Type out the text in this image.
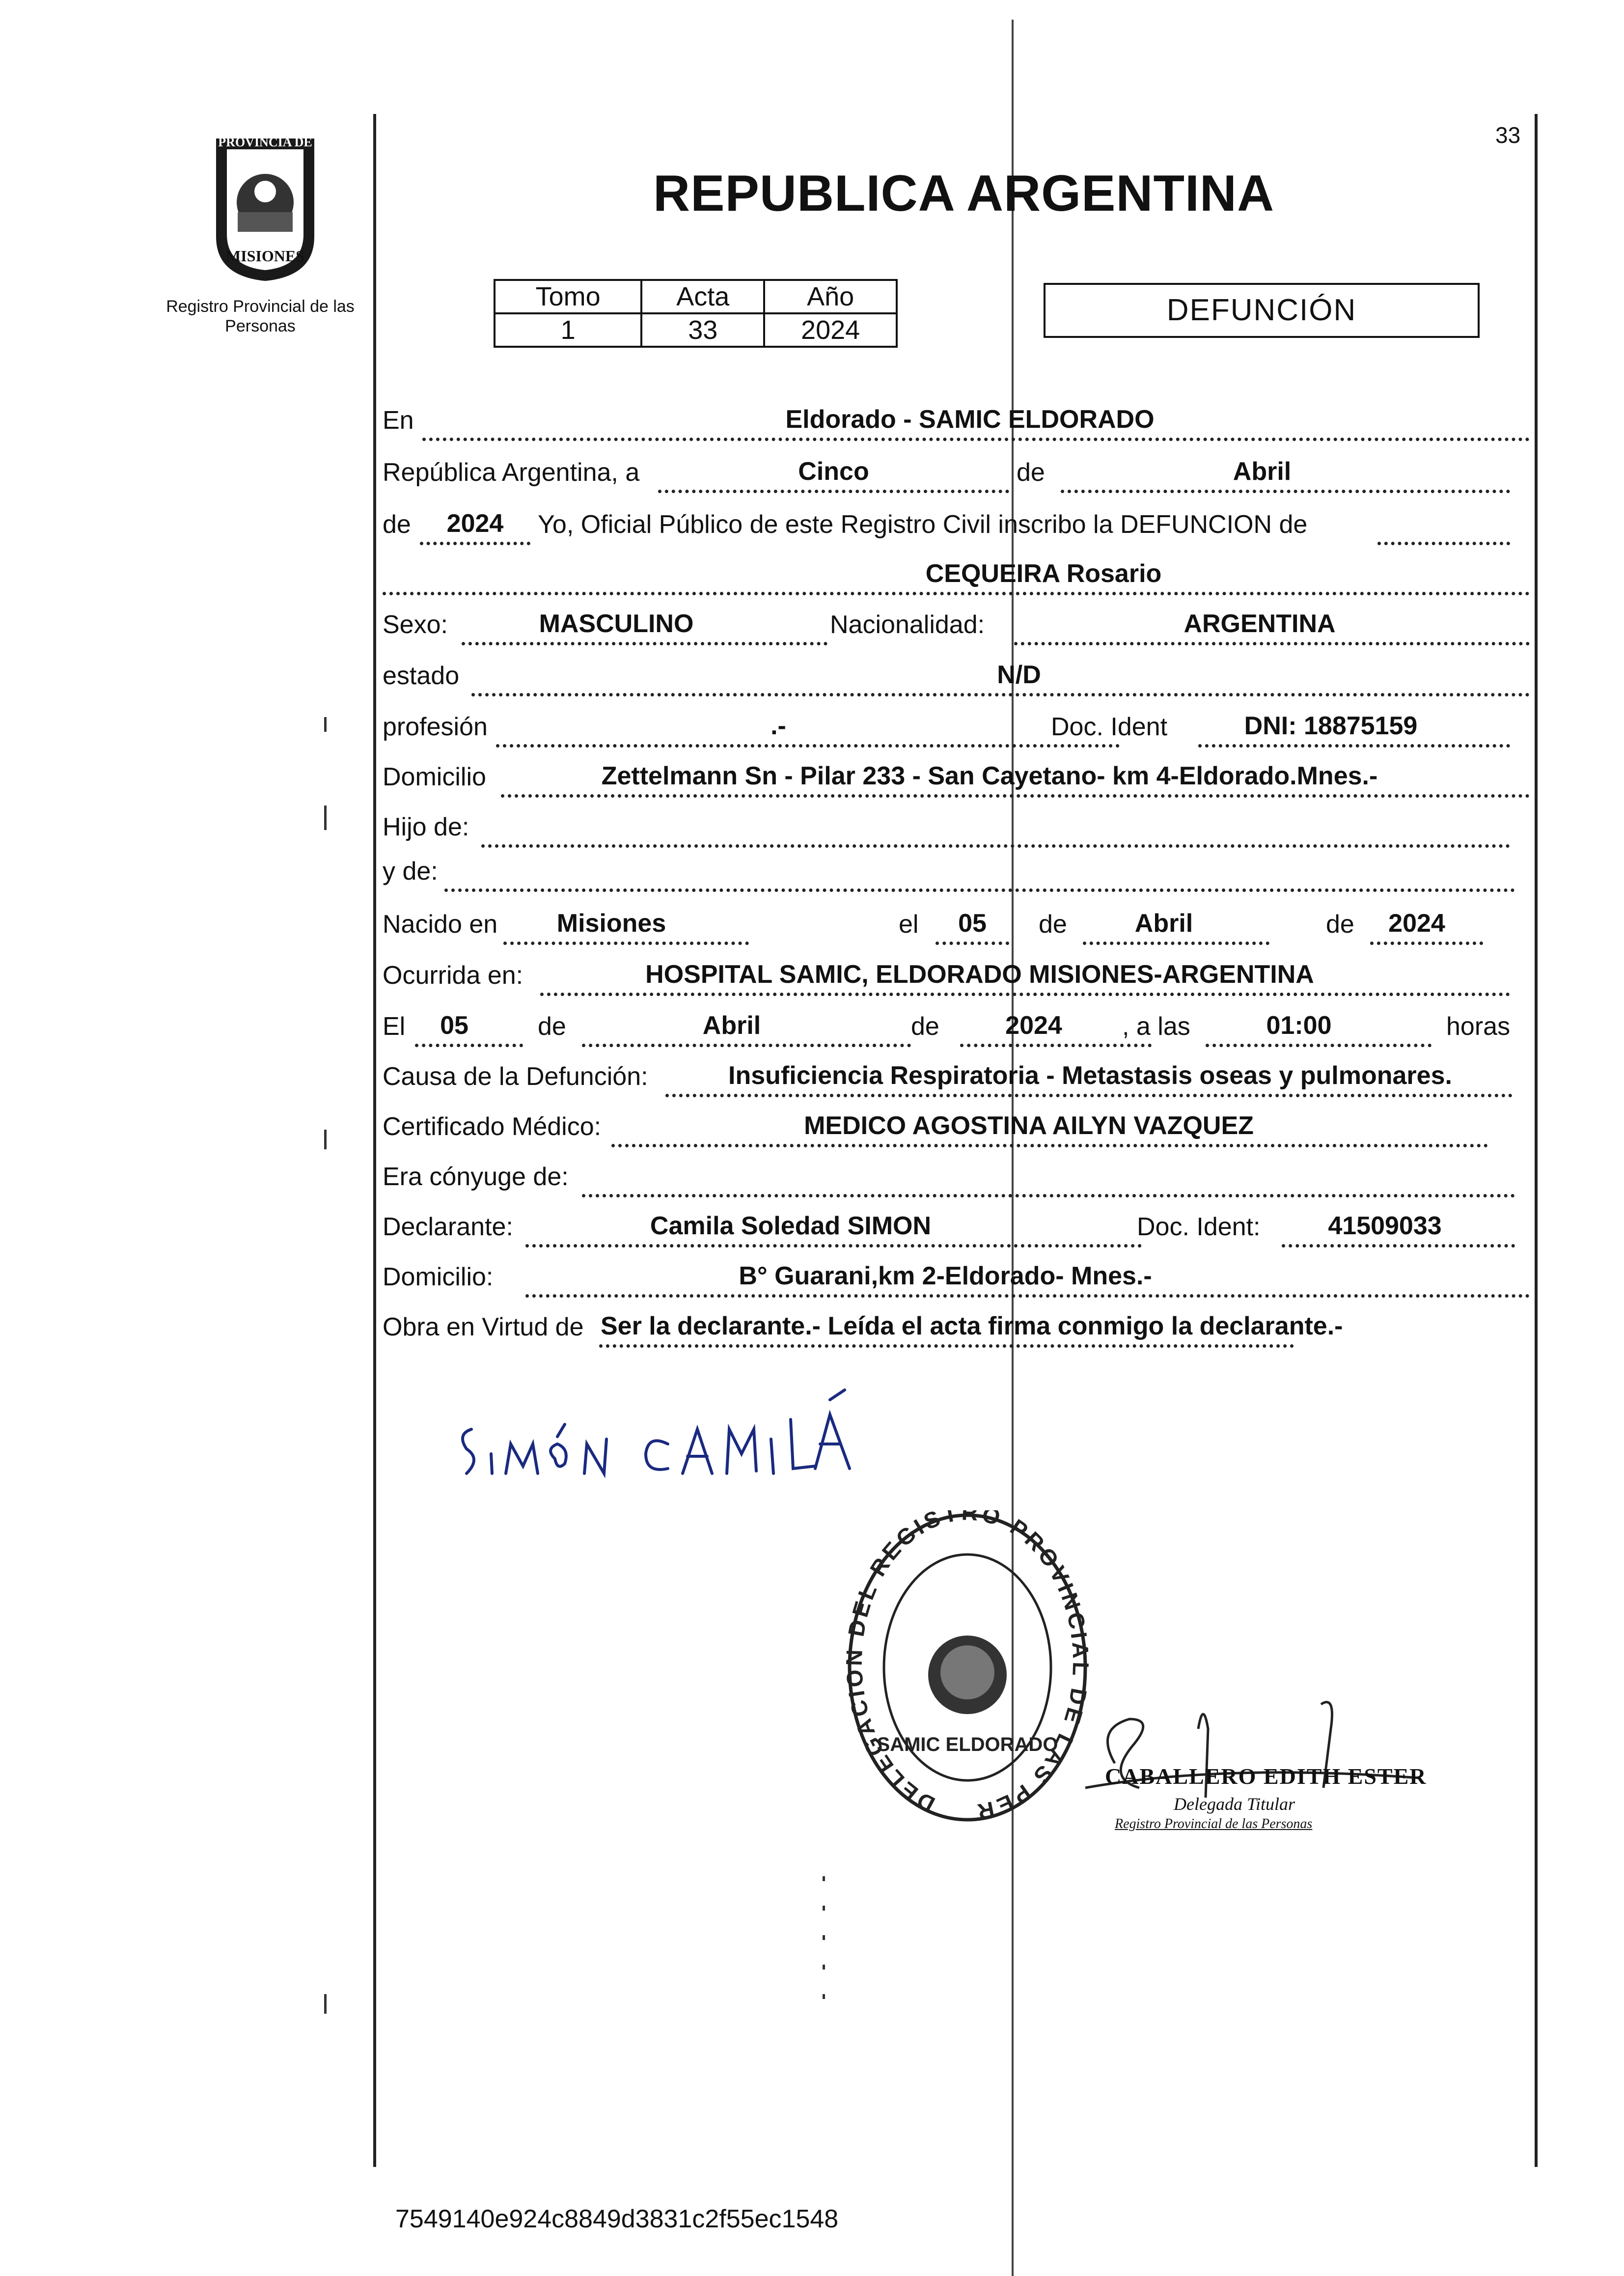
33
PROVINCIA DE
MISIONES
Registro Provincial de las Personas
REPUBLICA ARGENTINA
Tomo	Acta	Año
1	33	2024
DEFUNCIÓN
En	Eldorado - SAMIC ELDORADO
República Argentina, a	Cinco	de	Abril
de	2024	Yo, Oficial Público de este Registro Civil inscribo la DEFUNCION de
CEQUEIRA Rosario
Sexo:	MASCULINO	Nacionalidad:	ARGENTINA
estado	N/D
profesión	.-	Doc. Ident	DNI: 18875159
Domicilio	Zettelmann Sn - Pilar 233 - San Cayetano- km 4-Eldorado.Mnes.-
Hijo de:
y de:
Nacido en	Misiones	el	05	de	Abril	de	2024
Ocurrida en:	HOSPITAL SAMIC, ELDORADO MISIONES-ARGENTINA
El	05	de	Abril	de	2024	, a las	01:00	horas
Causa de la Defunción:	Insuficiencia Respiratoria - Metastasis oseas y pulmonares.
Certificado Médico:	MEDICO AGOSTINA AILYN VAZQUEZ
Era cónyuge de:
Declarante:	Camila Soledad SIMON	Doc. Ident:	41509033
Domicilio:	B° Guarani,km 2-Eldorado- Mnes.-
Obra en Virtud de Ser la declarante.- Leída el acta firma conmigo la declarante.-
DELEGACI DEL REGISTRO PROVINCI DE LAS PER
SAMIC ELDORADO
CABALLERO EDITH ESTER
Delegada Titular
Registro Provincial de las Personas
7549140e924c8849d3831c2f55ec1548
